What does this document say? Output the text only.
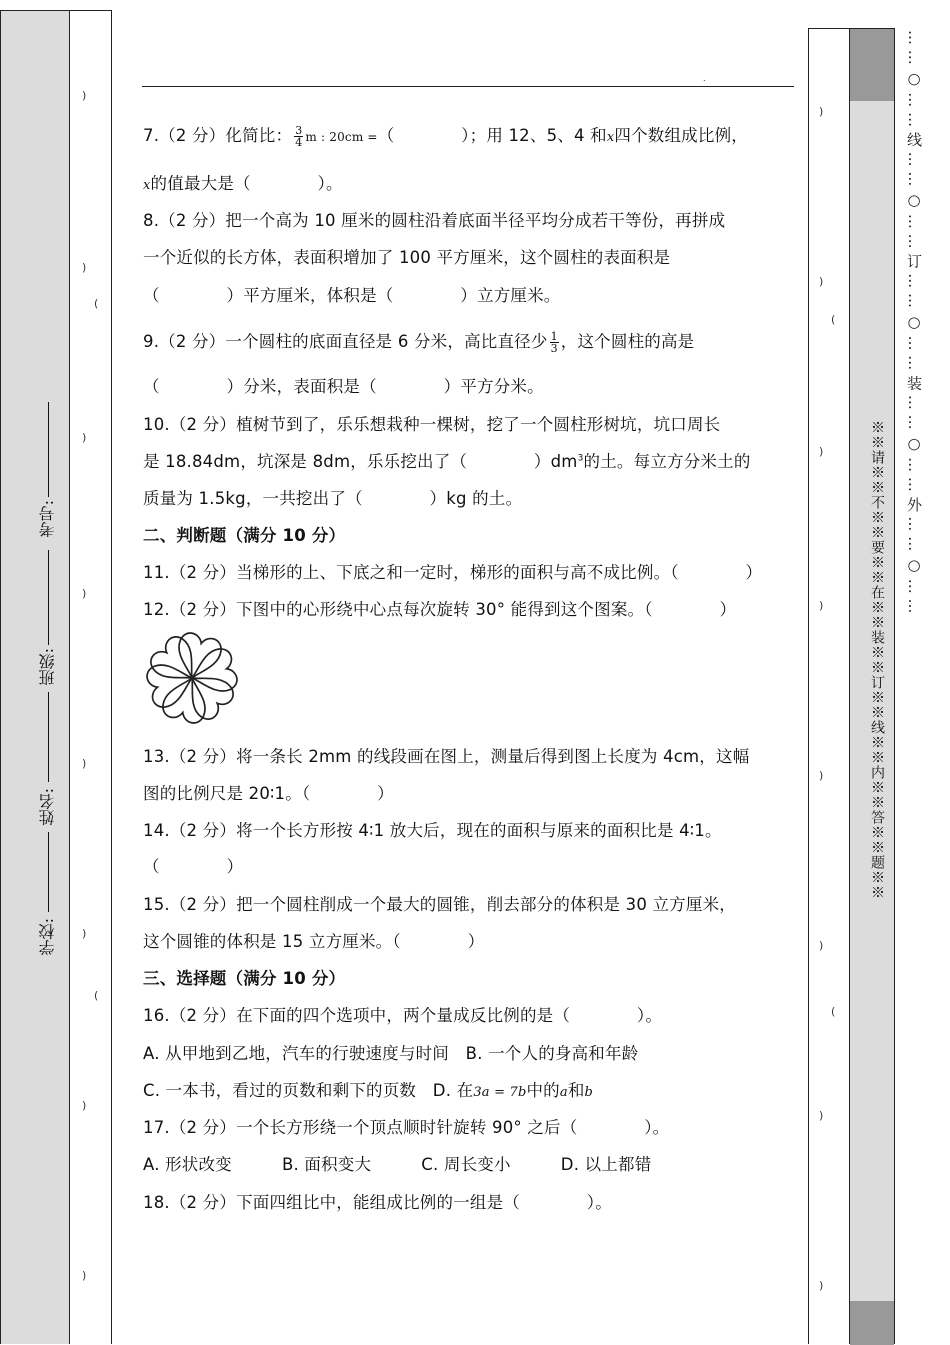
)
)
(
)
)
)
)
(
)
)
学校:
姓名:
班级:
考号:
)
)
(
)
)
)
)
(
)
)
※※请※※不※※要※※在※※装※※订※※线※※内※※答※※题※※
… … ○ … … 线 … … ○ … … 订 … … ○ … … 装 … … ○ … … 外 … … ○ … …
.
7.（2 分）化简比： $\frac{3}{4}$ m : 20cm =（　　　　）；用 12、5、4 和x四个数组成比例，
x的值最大是（　　　　）。
8.（2 分）把一个高为 10 厘米的圆柱沿着底面半径平均分成若干等份，再拼成
一个近似的长方体，表面积增加了 100 平方厘米，这个圆柱的表面积是
（　　　　）平方厘米，体积是（　　　　）立方厘米。
9.（2 分）一个圆柱的底面直径是 6 分米，高比直径少 $\frac{1}{3}$ ，这个圆柱的高是
（　　　　）分米，表面积是（　　　　）平方分米。
10.（2 分）植树节到了，乐乐想栽种一棵树，挖了一个圆柱形树坑，坑口周长
是 18.84dm，坑深是 8dm，乐乐挖出了（　　　　）$dm^3$的土。每立方分米土的
质量为 1.5kg，一共挖出了（　　　　）kg 的土。
二、判断题（满分 10 分）
11.（2 分）当梯形的上、下底之和一定时，梯形的面积与高不成比例。（　　　　）
12.（2 分）下图中的心形绕中心点每次旋转 30° 能得到这个图案。（　　　　）
13.（2 分）将一条长 2mm 的线段画在图上，测量后得到图上长度为 4cm，这幅
图的比例尺是 20∶1。（　　　　）
14.（2 分）将一个长方形按 4∶1 放大后，现在的面积与原来的面积比是 4∶1。
（　　　　）
15.（2 分）把一个圆柱削成一个最大的圆锥，削去部分的体积是 30 立方厘米，
这个圆锥的体积是 15 立方厘米。（　　　　）
三、选择题（满分 10 分）
16.（2 分）在下面的四个选项中，两个量成反比例的是（　　　　）。
A. 从甲地到乙地，汽车的行驶速度与时间　B. 一个人的身高和年龄
C. 一本书，看过的页数和剩下的页数　D. 在3a = 7b中的a和b
17.（2 分）一个长方形绕一个顶点顺时针旋转 90° 之后（　　　　）。
A. 形状改变　　　B. 面积变大　　　C. 周长变小　　　D. 以上都错
18.（2 分）下面四组比中，能组成比例的一组是（　　　　）。
